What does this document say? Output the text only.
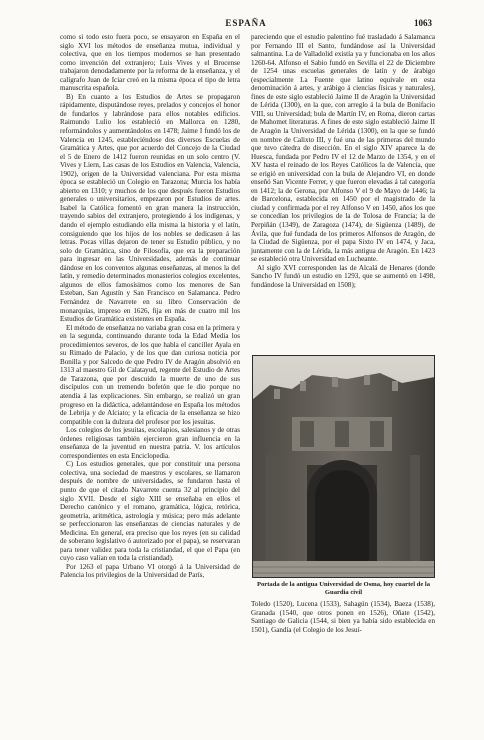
ESPAÑA	1063

como si todo esto fuera poco, se ensayaron en España en el siglo XVI los métodos de enseñanza mutua, individual y colectiva, que en los tiempos modernos se han presentado como invención del extranjero; Luis Vives y el Brocense trabajaron denodadamente por la reforma de la enseñanza, y el calígrafo Juan de Iciar creó en la misma época el tipo de letra manuscrita española.

B) En cuanto a los Estudios de Artes se propagaron rápidamente, disputándose reyes, prelados y concejos el honor de fundarlos y labrándose para ellos notables edificios. Raimundo Lulio los estableció en Mallorca en 1280, reformándolos y aumentándolos en 1478; Jaime I fundó los de Valencia en 1245, estableciéndose dos diversos Escuelas de Gramática y Artes, que por acuerdo del Concejo de la Ciudad el 5 de Enero de 1412 fueron reunidas en un solo centro (V. Vives y Liern, Las casas de los Estudios en Valencia, Valencia, 1902), origen de la Universidad valenciana. Por esta misma época se estableció un Colegio en Tarazona; Murcia los había abierto en 1310; y muchos de los que después fueron Estudios generales o universitarios, empezaron por Estudios de artes. Isabel la Católica fomentó en gran manera la instrucción, trayendo sabios del extranjero, protegiendo á los indígenas, y dando el ejemplo estudiando ella misma la historia y el latín, consiguiendo que los hijos de los nobles se dedicasen á las letras. Pocas villas dejaron de tener su Estudio público, y no solo de Gramática, sino de Filosofía, que era la preparación para ingresar en las Universidades, además de continuar dándose en los conventos algunas enseñanzas, al menos la del latín, y remedio determinados monasterios colegios excelentes, algunos de ellos famosísimos como los menores de San Esteban, San Agustín y San Francisco en Salamanca. Pedro Fernández de Navarrete en su libro Conservación de monarquías, impreso en 1626, fija en más de cuatro mil los Estudios de Gramática existentes en España.

El método de enseñanza no variaba gran cosa en la primera y en la segunda, continuando durante toda la Edad Media los procedimientos severos, de los que habla el canciller Ayala en su Rimado de Palacio, y de los que dan curiosa noticia por Bonilla y por Salcedo de que Pedro IV de Aragón absolvió en 1313 al maestro Gil de Calatayud, regente del Estudio de Artes de Tarazona, que por descuido la muerte de uno de sus discípulos con un tremendo bofetón que le dio porque no atendía á las explicaciones. Sin embargo, se realizó un gran progreso en la didáctica, adelantándose en España los métodos de Lebrija y de Alciato; y la eficacia de la enseñanza se hizo compatible con la dulzura del profesor por los jesuitas.

Los colegios de los jesuitas, escolapios, salesianos y de otras órdenes religiosas también ejercieron gran influencia en la enseñanza de la juventud en nuestra patria. V. los artículos correspondientes en esta Enciclopedia.

C) Los estudios generales, que por constituir una persona colectiva, una sociedad de maestros y escolares, se llamaron después de nombre de universidades, se fundaron hasta el punto de que el citado Navarrete cuenta 32 al principio del siglo XVII. Desde el siglo XIII se enseñaba en ellos el Derecho canónico y el romano, gramática, lógica, retórica, geometría, aritmética, astrología y música; pero más adelante se perfeccionaron las enseñanzas de ciencias naturales y de Medicina. En general, era preciso que los reyes (en su calidad de soberano legislativo ó autorizado por el papa), se reservaran para tener validez para toda la cristiandad, el que el Papa (en cuyo caso valían en toda la cristiandad).

Por 1263 el papa Urbano VI otorgó á la Universidad de Palencia los privilegios de la Universidad de París,

pareciendo que el estudio palentino fué trasladado á Salamanca por Fernando III el Santo, fundándose así la Universidad salmantina. La de Valladolid existía ya y funcionaba en los años 1260-64. Alfonso el Sabio fundó en Sevilla el 22 de Diciembre de 1254 unas escuelas generales de latín y de árabigo (especialmente La Fuente que latino equivale en esta denominación á artes, y arábigo á ciencias físicas y naturales), fines de este siglo estableció Jaime II de Aragón la Universidad de Lérida (1300), en la que, con arreglo á la bula de Bonifacio VIII, su Universidad; bula de Martín IV, en Roma, dieron cartas de Mahomet literaturas. A fines de este siglo estableció Jaime II de Aragón la Universidad de Lérida (1300), en la que se fundó en nombre de Calixto III, y fué una de las primeras del mundo que tuvo cátedra de disección. En el siglo XIV aparece la de Huesca, fundada por Pedro IV el 12 de Marzo de 1354, y en el XV hasta el reinado de los Reyes Católicos la de Valencia, que se erigió en universidad con la bula de Alejandro VI, en donde enseñó San Vicente Ferrer, y que fueron elevadas á tal categoría en 1412; la de Gerona, por Alfonso V el 9 de Mayo de 1446; la de Barcelona, establecida en 1450 por el magistrado de la ciudad y confirmada por el rey Alfonso V en 1450, años los que se concedían los privilegios de la de Tolosa de Francia; la de Perpiñán (1349), de Zaragoza (1474), de Sigüenza (1489), de Ávila, que fué fundada de los primeros Alfonsos de Aragón, de la Ciudad de Sigüenza, por el papa Sixto IV en 1474, y Jaca, juntamente con la de Lérida, la más antigua de Aragón. En 1423 se estableció otra Universidad en Lucheante.

Al siglo XVI corresponden las de Alcalá de Henares (donde Sancho IV fundó un estudio en 1293, que se aumentó en 1498, fundándose la Universidad en 1508);

Portada de la antigua Universidad de Osma, hoy cuartel de la Guardia civil

Toledo (1520), Lucena (1533), Sahagún (1534), Baeza (1538), Granada (1540, que otros ponen en 1526), Oñate (1542), Santiago de Galicia (1544, si bien ya había sido establecida en 1501), Gandía (el Colegio de los Jesuí-
